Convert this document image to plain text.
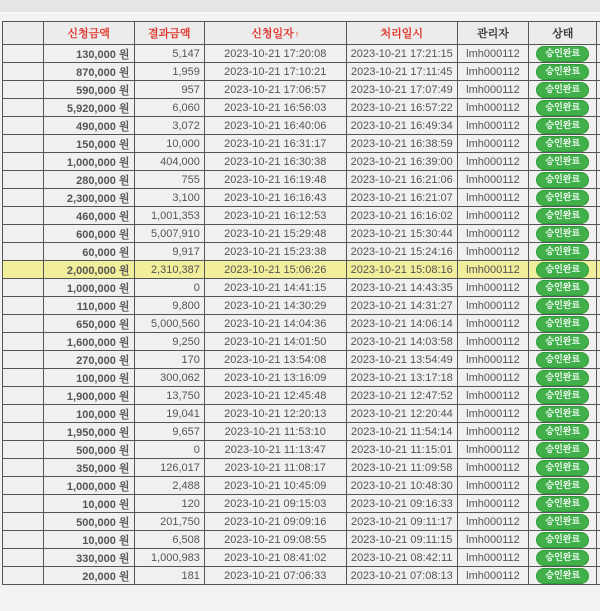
	신청금액	결과금액	신청일자↑	처리일시	관리자	상태	
	130,000 원	5,147	2023-10-21 17:20:08	2023-10-21 17:21:15	lmh000112	승인완료	
	870,000 원	1,959	2023-10-21 17:10:21	2023-10-21 17:11:45	lmh000112	승인완료	
	590,000 원	957	2023-10-21 17:06:57	2023-10-21 17:07:49	lmh000112	승인완료	
	5,920,000 원	6,060	2023-10-21 16:56:03	2023-10-21 16:57:22	lmh000112	승인완료	
	490,000 원	3,072	2023-10-21 16:40:06	2023-10-21 16:49:34	lmh000112	승인완료	
	150,000 원	10,000	2023-10-21 16:31:17	2023-10-21 16:38:59	lmh000112	승인완료	
	1,000,000 원	404,000	2023-10-21 16:30:38	2023-10-21 16:39:00	lmh000112	승인완료	
	280,000 원	755	2023-10-21 16:19:48	2023-10-21 16:21:06	lmh000112	승인완료	
	2,300,000 원	3,100	2023-10-21 16:16:43	2023-10-21 16:21:07	lmh000112	승인완료	
	460,000 원	1,001,353	2023-10-21 16:12:53	2023-10-21 16:16:02	lmh000112	승인완료	
	600,000 원	5,007,910	2023-10-21 15:29:48	2023-10-21 15:30:44	lmh000112	승인완료	
	60,000 원	9,917	2023-10-21 15:23:38	2023-10-21 15:24:16	lmh000112	승인완료	
	2,000,000 원	2,310,387	2023-10-21 15:06:26	2023-10-21 15:08:16	lmh000112	승인완료	
	1,000,000 원	0	2023-10-21 14:41:15	2023-10-21 14:43:35	lmh000112	승인완료	
	110,000 원	9,800	2023-10-21 14:30:29	2023-10-21 14:31:27	lmh000112	승인완료	
	650,000 원	5,000,560	2023-10-21 14:04:36	2023-10-21 14:06:14	lmh000112	승인완료	
	1,600,000 원	9,250	2023-10-21 14:01:50	2023-10-21 14:03:58	lmh000112	승인완료	
	270,000 원	170	2023-10-21 13:54:08	2023-10-21 13:54:49	lmh000112	승인완료	
	100,000 원	300,062	2023-10-21 13:16:09	2023-10-21 13:17:18	lmh000112	승인완료	
	1,900,000 원	13,750	2023-10-21 12:45:48	2023-10-21 12:47:52	lmh000112	승인완료	
	100,000 원	19,041	2023-10-21 12:20:13	2023-10-21 12:20:44	lmh000112	승인완료	
	1,950,000 원	9,657	2023-10-21 11:53:10	2023-10-21 11:54:14	lmh000112	승인완료	
	500,000 원	0	2023-10-21 11:13:47	2023-10-21 11:15:01	lmh000112	승인완료	
	350,000 원	126,017	2023-10-21 11:08:17	2023-10-21 11:09:58	lmh000112	승인완료	
	1,000,000 원	2,488	2023-10-21 10:45:09	2023-10-21 10:48:30	lmh000112	승인완료	
	10,000 원	120	2023-10-21 09:15:03	2023-10-21 09:16:33	lmh000112	승인완료	
	500,000 원	201,750	2023-10-21 09:09:16	2023-10-21 09:11:17	lmh000112	승인완료	
	10,000 원	6,508	2023-10-21 09:08:55	2023-10-21 09:11:15	lmh000112	승인완료	
	330,000 원	1,000,983	2023-10-21 08:41:02	2023-10-21 08:42:11	lmh000112	승인완료	
	20,000 원	181	2023-10-21 07:06:33	2023-10-21 07:08:13	lmh000112	승인완료	
